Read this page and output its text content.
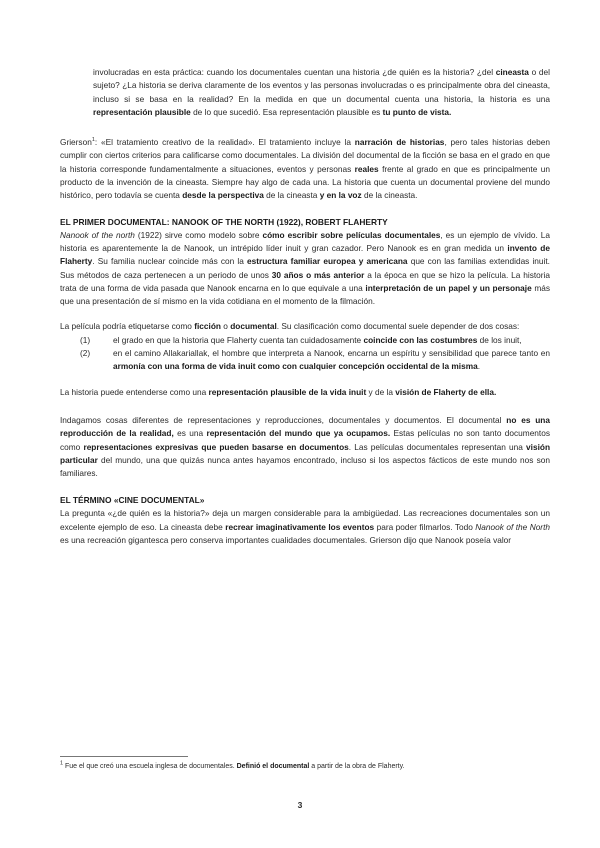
involucradas en esta práctica: cuando los documentales cuentan una historia ¿de quién es la historia? ¿del cineasta o del sujeto? ¿La historia se deriva claramente de los eventos y las personas involucradas o es principalmente obra del cineasta, incluso si se basa en la realidad? En la medida en que un documental cuenta una historia, la historia es una representación plausible de lo que sucedió. Esa representación plausible es tu punto de vista.

Grierson$^1$: «El tratamiento creativo de la realidad». El tratamiento incluye la narración de historias, pero tales historias deben cumplir con ciertos criterios para calificarse como documentales. La división del documental de la ficción se basa en el grado en que la historia corresponde fundamentalmente a situaciones, eventos y personas reales frente al grado en que es principalmente un producto de la invención de la cineasta. Siempre hay algo de cada una. La historia que cuenta un documental proviene del mundo histórico, pero todavía se cuenta desde la perspectiva de la cineasta y en la voz de la cineasta.

EL PRIMER DOCUMENTAL: NANOOK OF THE NORTH (1922), ROBERT FLAHERTY

Nanook of the north (1922) sirve como modelo sobre cómo escribir sobre películas documentales, es un ejemplo de vívido. La historia es aparentemente la de Nanook, un intrépido líder inuit y gran cazador. Pero Nanook es en gran medida un invento de Flaherty. Su familia nuclear coincide más con la estructura familiar europea y americana que con las familias extendidas inuit. Sus métodos de caza pertenecen a un periodo de unos 30 años o más anterior a la época en que se hizo la película. La historia trata de una forma de vida pasada que Nanook encarna en lo que equivale a una interpretación de un papel y un personaje más que una presentación de sí mismo en la vida cotidiana en el momento de la filmación.

La película podría etiquetarse como ficción o documental. Su clasificación como documental suele depender de dos cosas:

(1)	el grado en que la historia que Flaherty cuenta tan cuidadosamente coincide con las costumbres de los inuit,
(2)	en el camino Allakariallak, el hombre que interpreta a Nanook, encarna un espíritu y sensibilidad que parece tanto en armonía con una forma de vida inuit como con cualquier concepción occidental de la misma.

La historia puede entenderse como una representación plausible de la vida inuit y de la visión de Flaherty de ella.

Indagamos cosas diferentes de representaciones y reproducciones, documentales y documentos. El documental no es una reproducción de la realidad, es una representación del mundo que ya ocupamos. Estas películas no son tanto documentos como representaciones expresivas que pueden basarse en documentos. Las películas documentales representan una visión particular del mundo, una que quizás nunca antes hayamos encontrado, incluso si los aspectos fácticos de este mundo nos son familiares.

EL TÉRMINO «CINE DOCUMENTAL»

La pregunta «¿de quién es la historia?» deja un margen considerable para la ambigüedad. Las recreaciones documentales son un excelente ejemplo de eso. La cineasta debe recrear imaginativamente los eventos para poder filmarlos. Todo Nanook of the North es una recreación gigantesca pero conserva importantes cualidades documentales. Grierson dijo que Nanook poseía valor

$^1$ Fue el que creó una escuela inglesa de documentales. Definió el documental a partir de la obra de Flaherty.
3
